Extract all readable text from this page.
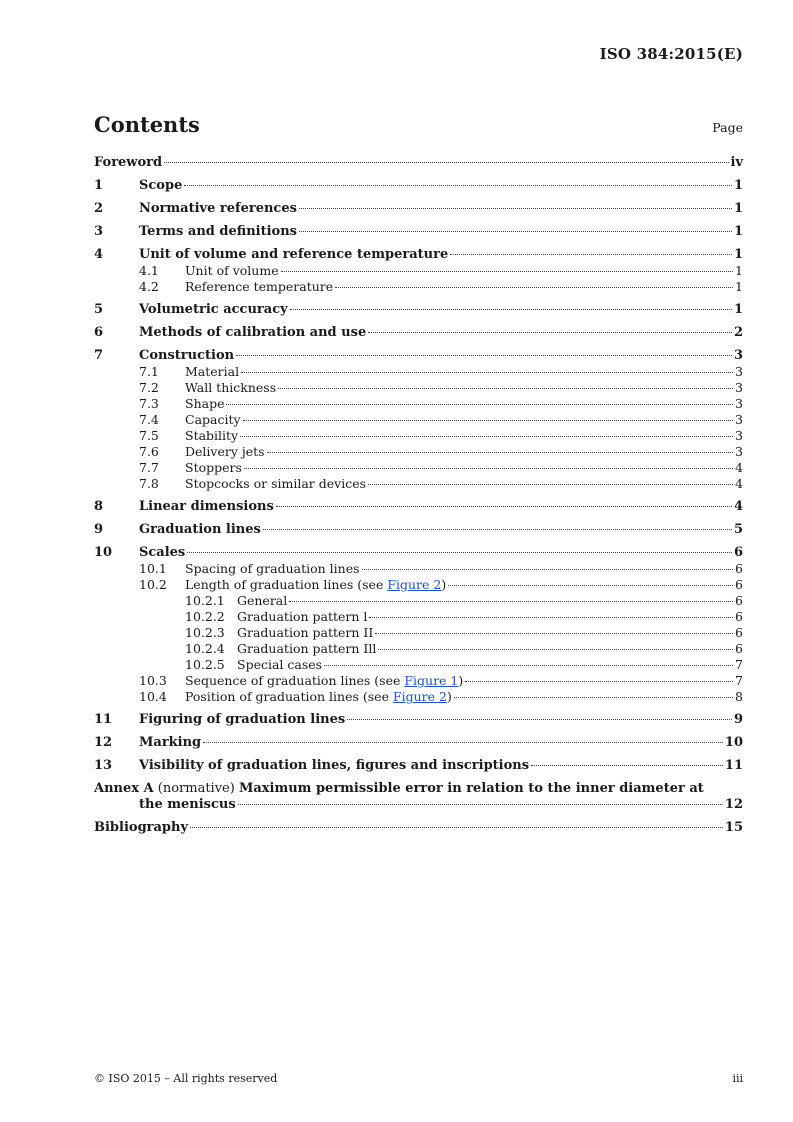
ISO 384:2015(E)
Contents	Page
Foreword	iv
1	Scope	1
2	Normative references	1
3	Terms and definitions	1
4	Unit of volume and reference temperature	1
4.1	Unit of volume	1
4.2	Reference temperature	1
5	Volumetric accuracy	1
6	Methods of calibration and use	2
7	Construction	3
7.1	Material	3
7.2	Wall thickness	3
7.3	Shape	3
7.4	Capacity	3
7.5	Stability	3
7.6	Delivery jets	3
7.7	Stoppers	4
7.8	Stopcocks or similar devices	4
8	Linear dimensions	4
9	Graduation lines	5
10	Scales	6
10.1	Spacing of graduation lines	6
10.2	Length of graduation lines (see Figure 2)	6
10.2.1 General	6
10.2.2 Graduation pattern l	6
10.2.3 Graduation pattern II	6
10.2.4 Graduation pattern Ill	6
10.2.5 Special cases	7
10.3	Sequence of graduation lines (see Figure 1)	7
10.4	Position of graduation lines (see Figure 2)	8
11	Figuring of graduation lines	9
12	Marking	10
13	Visibility of graduation lines, figures and inscriptions	11
Annex A (normative) Maximum permissible error in relation to the inner diameter at
the meniscus	12
Bibliography	15
© ISO 2015 – All rights reserved	iii
